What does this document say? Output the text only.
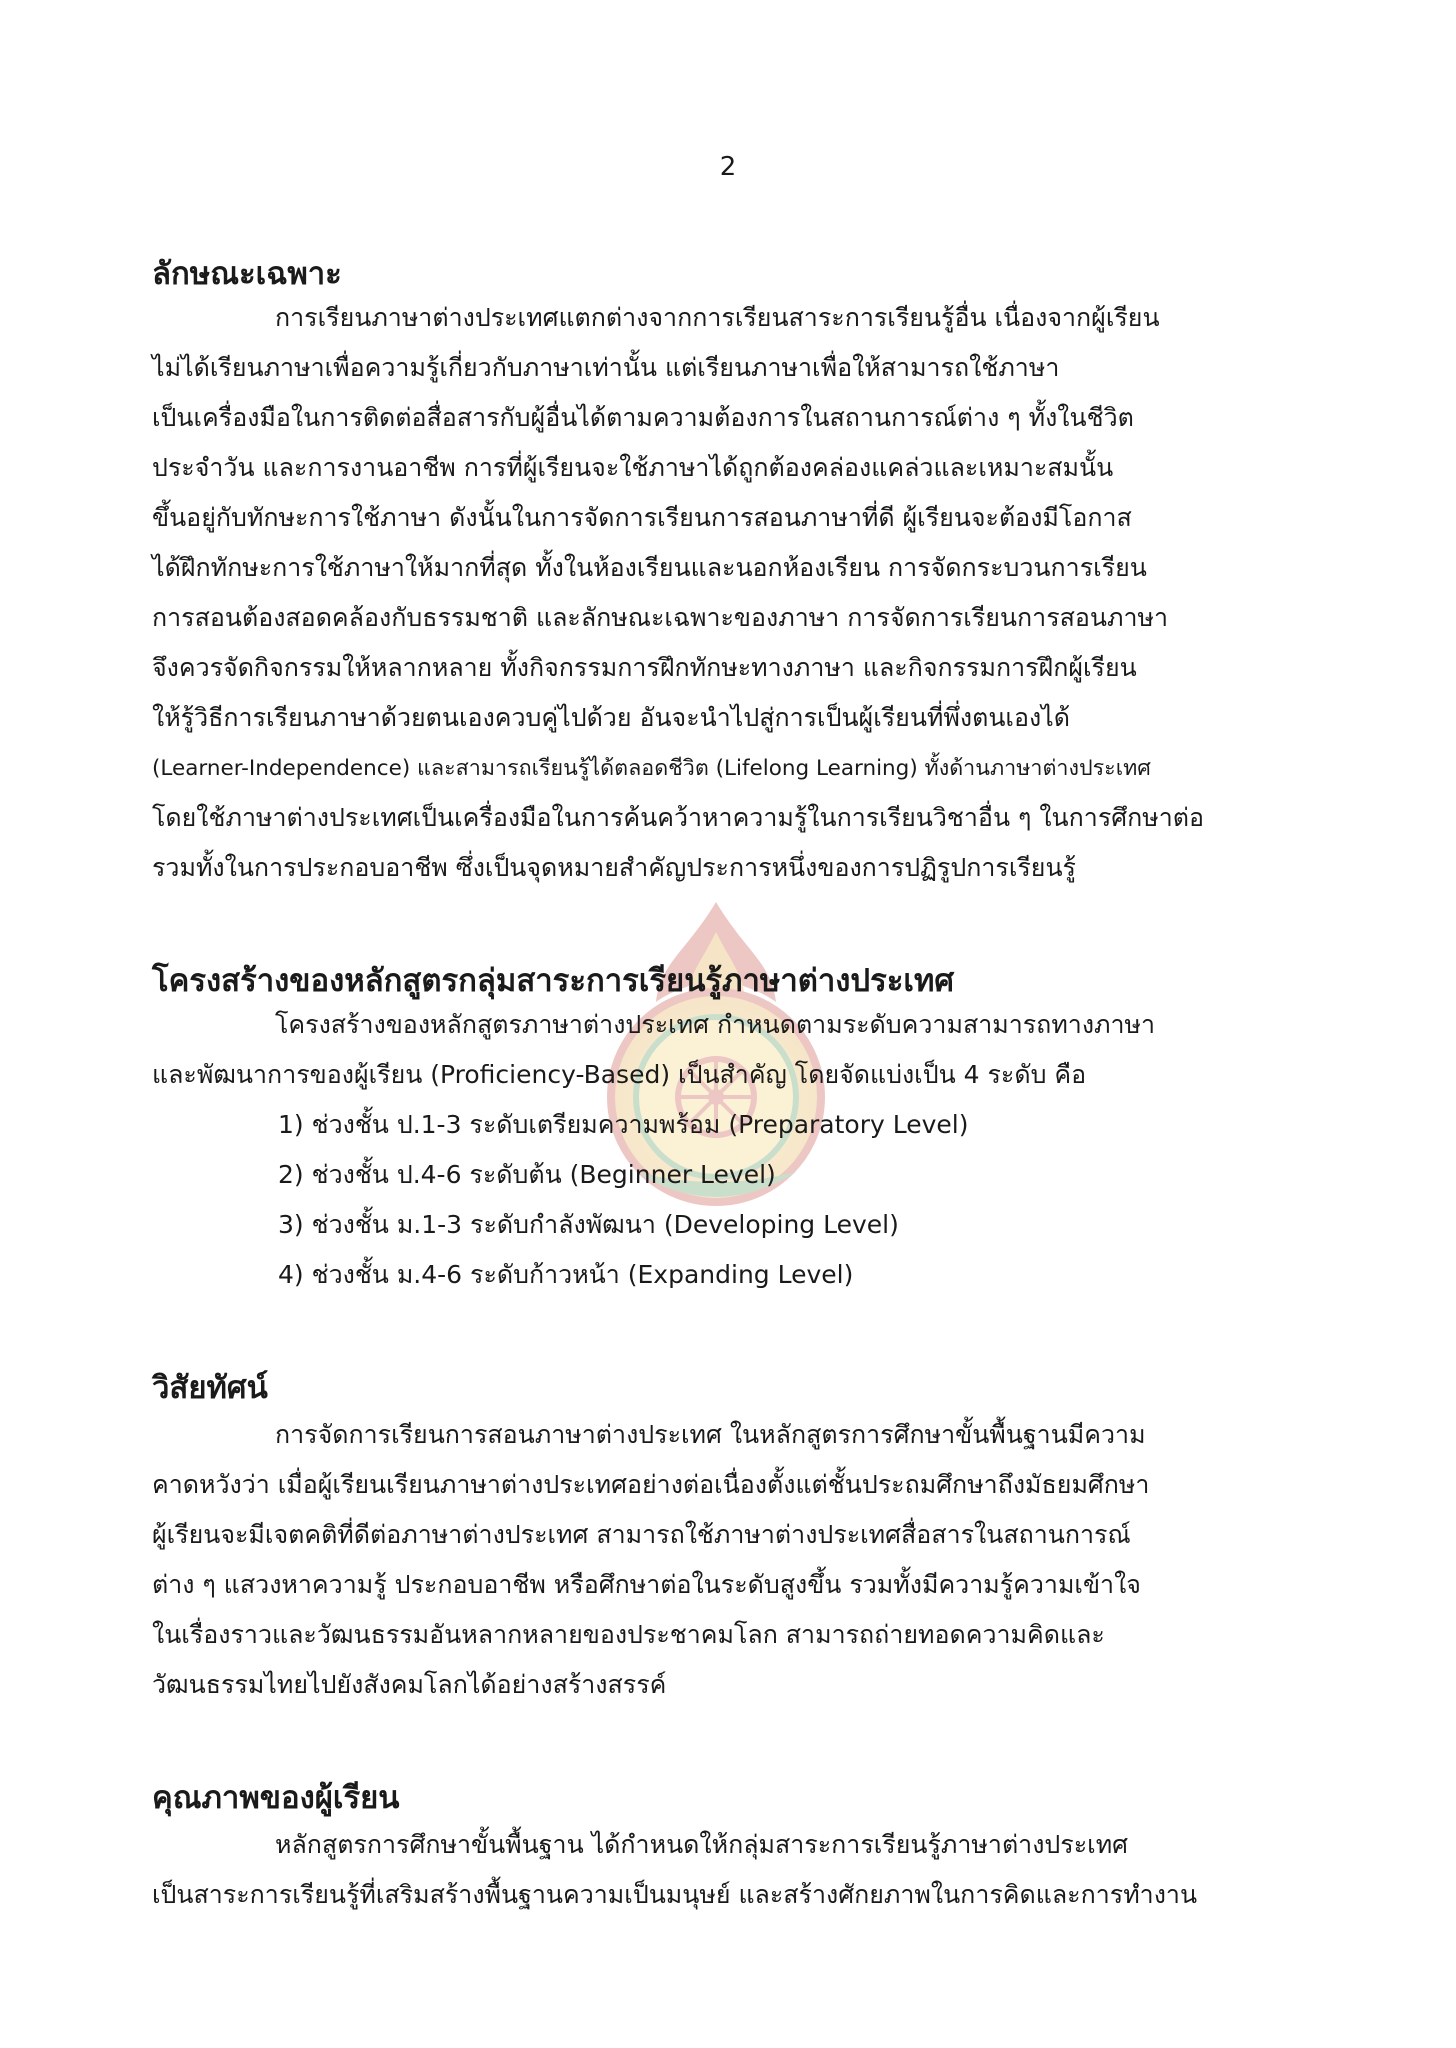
2
ลักษณะเฉพาะ
การเรียนภาษาต่างประเทศแตกต่างจากการเรียนสาระการเรียนรู้อื่น เนื่องจากผู้เรียน
ไม่ได้เรียนภาษาเพื่อความรู้เกี่ยวกับภาษาเท่านั้น แต่เรียนภาษาเพื่อให้สามารถใช้ภาษา
เป็นเครื่องมือในการติดต่อสื่อสารกับผู้อื่นได้ตามความต้องการในสถานการณ์ต่าง ๆ ทั้งในชีวิต
ประจำวัน และการงานอาชีพ การที่ผู้เรียนจะใช้ภาษาได้ถูกต้องคล่องแคล่วและเหมาะสมนั้น
ขึ้นอยู่กับทักษะการใช้ภาษา ดังนั้นในการจัดการเรียนการสอนภาษาที่ดี ผู้เรียนจะต้องมีโอกาส
ได้ฝึกทักษะการใช้ภาษาให้มากที่สุด ทั้งในห้องเรียนและนอกห้องเรียน การจัดกระบวนการเรียน
การสอนต้องสอดคล้องกับธรรมชาติ และลักษณะเฉพาะของภาษา การจัดการเรียนการสอนภาษา
จึงควรจัดกิจกรรมให้หลากหลาย ทั้งกิจกรรมการฝึกทักษะทางภาษา และกิจกรรมการฝึกผู้เรียน
ให้รู้วิธีการเรียนภาษาด้วยตนเองควบคู่ไปด้วย อันจะนำไปสู่การเป็นผู้เรียนที่พึ่งตนเองได้
(Learner-Independence) และสามารถเรียนรู้ได้ตลอดชีวิต (Lifelong Learning) ทั้งด้านภาษาต่างประเทศ
โดยใช้ภาษาต่างประเทศเป็นเครื่องมือในการค้นคว้าหาความรู้ในการเรียนวิชาอื่น ๆ ในการศึกษาต่อ
รวมทั้งในการประกอบอาชีพ ซึ่งเป็นจุดหมายสำคัญประการหนึ่งของการปฏิรูปการเรียนรู้
โครงสร้างของหลักสูตรกลุ่มสาระการเรียนรู้ภาษาต่างประเทศ
โครงสร้างของหลักสูตรภาษาต่างประเทศ กำหนดตามระดับความสามารถทางภาษา
และพัฒนาการของผู้เรียน (Proficiency-Based) เป็นสำคัญ โดยจัดแบ่งเป็น 4 ระดับ คือ
1) ช่วงชั้น ป.1-3 ระดับเตรียมความพร้อม (Preparatory Level)
2) ช่วงชั้น ป.4-6 ระดับต้น (Beginner Level)
3) ช่วงชั้น ม.1-3 ระดับกำลังพัฒนา (Developing Level)
4) ช่วงชั้น ม.4-6 ระดับก้าวหน้า (Expanding Level)
วิสัยทัศน์
การจัดการเรียนการสอนภาษาต่างประเทศ ในหลักสูตรการศึกษาขั้นพื้นฐานมีความ
คาดหวังว่า เมื่อผู้เรียนเรียนภาษาต่างประเทศอย่างต่อเนื่องตั้งแต่ชั้นประถมศึกษาถึงมัธยมศึกษา
ผู้เรียนจะมีเจตคติที่ดีต่อภาษาต่างประเทศ สามารถใช้ภาษาต่างประเทศสื่อสารในสถานการณ์
ต่าง ๆ แสวงหาความรู้ ประกอบอาชีพ หรือศึกษาต่อในระดับสูงขึ้น รวมทั้งมีความรู้ความเข้าใจ
ในเรื่องราวและวัฒนธรรมอันหลากหลายของประชาคมโลก สามารถถ่ายทอดความคิดและ
วัฒนธรรมไทยไปยังสังคมโลกได้อย่างสร้างสรรค์
คุณภาพของผู้เรียน
หลักสูตรการศึกษาขั้นพื้นฐาน ได้กำหนดให้กลุ่มสาระการเรียนรู้ภาษาต่างประเทศ
เป็นสาระการเรียนรู้ที่เสริมสร้างพื้นฐานความเป็นมนุษย์ และสร้างศักยภาพในการคิดและการทำงาน
